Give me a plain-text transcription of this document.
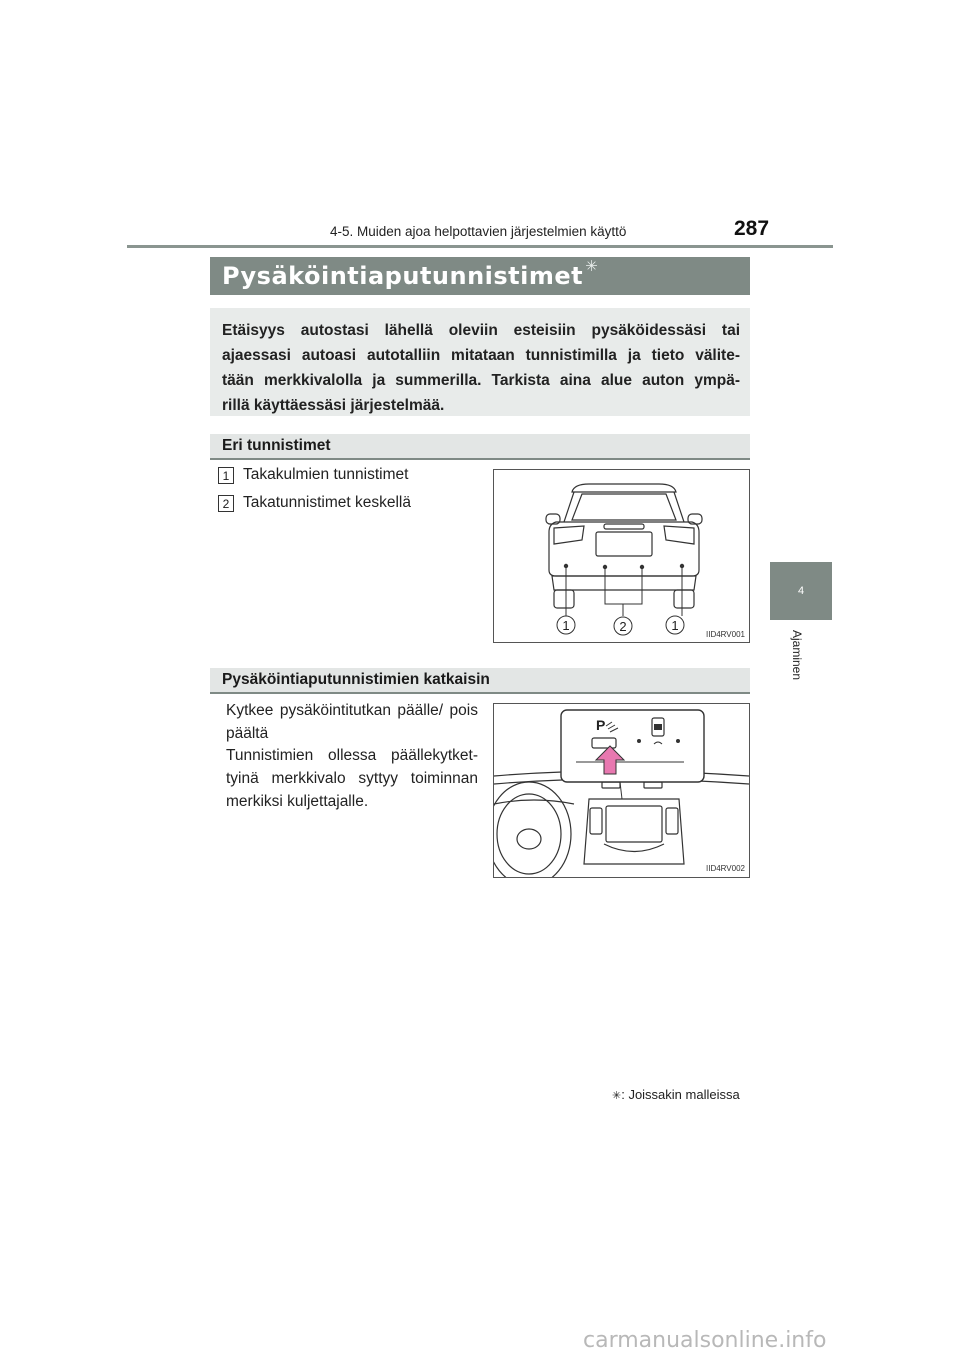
4-5. Muiden ajoa helpottavien järjestelmien käyttö	287
4
Ajaminen
Pysäköintiaputunnistimet ✳
Etäisyys autostasi lähellä oleviin esteisiin pysäköidessäsi tai
ajaessasi autoasi autotalliin mitataan tunnistimilla ja tieto välite-
tään merkkivalolla ja summerilla. Tarkista aina alue auton ympä-
rillä käyttäessäsi järjestelmää.
Eri tunnistimet
1 Takakulmien tunnistimet
2 Takatunnistimet keskellä
1	2	1
IID4RV001
Pysäköintiaputunnistimien katkaisin
Kytkee pysäköintitutkan päälle/ pois päältä
Tunnistimien ollessa päällekytket-tyinä merkkivalo syttyy toiminnan merkiksi kuljettajalle.
P
IID4RV002
✳: Joissakin malleissa
carmanualsonline.info
